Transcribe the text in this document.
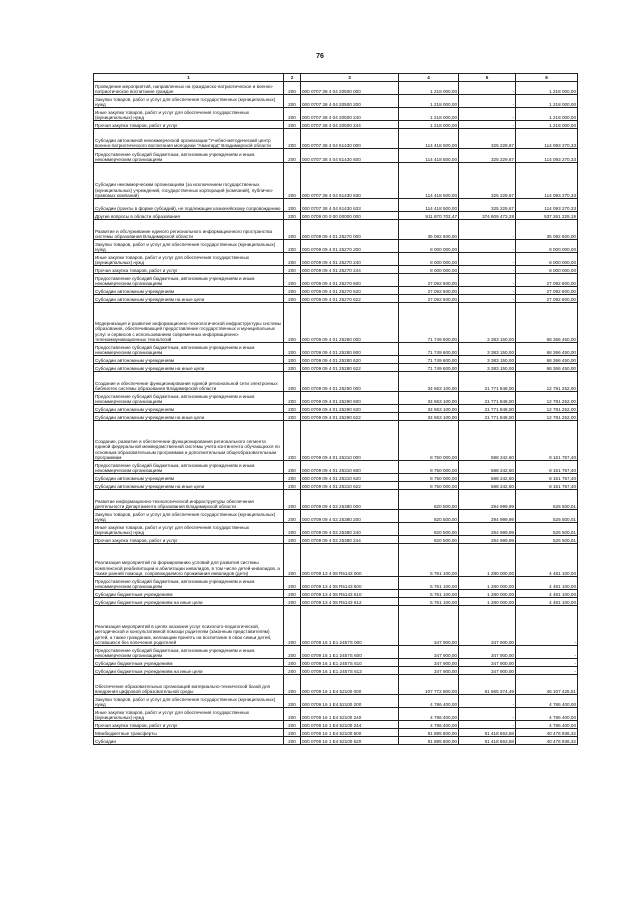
76
1	2	3	4	5	6
Проведение мероприятий, направленных на гражданско-патриотическое и военно-патриотическое воспитание граждан	200	000 0707 38 4 04 20500 000	1 218 000,00	-	1 218 000,00
Закупка товаров, работ и услуг для обеспечения государственных (муниципальных) нужд	200	000 0707 38 4 04 20500 200	1 218 000,00	-	1 218 000,00
Иные закупки товаров, работ и услуг для обеспечения государственных (муниципальных) нужд	200	000 0707 38 4 04 20500 240	1 218 000,00	-	1 218 000,00
Прочая закупка товаров, работ и услуг	200	000 0707 38 4 04 20500 244	1 218 000,00	-	1 218 000,00
Субсидии автономной некоммерческой организации "Учебно-методический центр военно-патриотического воспитания молодежи "Авангард" Владимирской области	200	000 0707 38 4 04 61430 000	114 418 500,00	325 229,67	114 093 270,33
Предоставление субсидий бюджетным, автономным учреждениям и иным некоммерческим организациям	200	000 0707 38 4 04 61430 600	114 418 500,00	325 229,67	114 093 270,33
Субсидии некоммерческим организациям (за исключением государственных (муниципальных) учреждений, государственных корпораций (компаний), публично-правовых компаний)	200	000 0707 38 4 04 61430 630	114 418 500,00	325 229,67	114 093 270,33
Субсидии (гранты в форме субсидий), не подлежащие казначейскому сопровождению	200	000 0707 38 4 04 61430 633	114 418 500,00	325 229,67	114 093 270,33
Другие вопросы в области образования	200	000 0709 00 0 00 00000 000	911 870 702,47	374 609 473,28	537 261 229,19
Развитие и обслуживание единого регионального информационного пространства системы образования Владимирской области	200	000 0709 09 4 01 25270 000	35 092 600,00	-	35 092 600,00
Закупка товаров, работ и услуг для обеспечения государственных (муниципальных) нужд	200	000 0709 09 4 01 25270 200	8 000 000,00	-	8 000 000,00
Иные закупки товаров, работ и услуг для обеспечения государственных (муниципальных) нужд	200	000 0709 09 4 01 25270 240	8 000 000,00	-	8 000 000,00
Прочая закупка товаров, работ и услуг	200	000 0709 09 4 01 25270 244	8 000 000,00	-	8 000 000,00
Предоставление субсидий бюджетным, автономным учреждениям и иным некоммерческим организациям	200	000 0709 09 4 01 25270 600	27 092 600,00	-	27 092 600,00
Субсидии автономным учреждениям	200	000 0709 09 4 01 25270 620	27 092 600,00	-	27 092 600,00
Субсидии автономным учреждениям на иные цели	200	000 0709 09 4 01 25270 622	27 092 600,00	-	27 092 600,00
Модернизация и развитие информационно-технологической инфраструктуры системы образования, обеспечивающей предоставление государственных и муниципальных услуг и сервисов с использованием современных информационно-телекоммуникационных технологий	200	000 0709 09 4 01 25280 000	71 749 600,00	3 383 150,00	68 366 450,00
Предоставление субсидий бюджетным, автономным учреждениям и иным некоммерческим организациям	200	000 0709 09 4 01 25280 600	71 749 600,00	3 383 150,00	68 366 450,00
Субсидии автономным учреждениям	200	000 0709 09 4 01 25280 620	71 749 600,00	3 383 150,00	68 366 450,00
Субсидии автономным учреждениям на иные цели	200	000 0709 09 4 01 25280 622	71 749 600,00	3 383 150,00	68 366 450,00
Создание и обеспечение функционирования единой региональной сети электронных библиотек системы образования Владимирской области	200	000 0709 09 4 01 25290 000	34 563 100,00	21 771 848,00	12 791 252,00
Предоставление субсидий бюджетным, автономным учреждениям и иным некоммерческим организациям	200	000 0709 09 4 01 25290 600	34 563 100,00	21 771 848,00	12 791 252,00
Субсидии автономным учреждениям	200	000 0709 09 4 01 25290 620	34 563 100,00	21 771 848,00	12 791 252,00
Субсидии автономным учреждениям на иные цели	200	000 0709 09 4 01 25290 622	34 563 100,00	21 771 848,00	12 791 252,00
Создание, развитие и обеспечение функционирования регионального сегмента единой федеральной межведомственной системы учета контингента обучающихся по основным образовательным программам и дополнительным общеобразовательным программам	200	000 0709 09 4 01 25310 000	8 750 000,00	588 242,60	8 161 757,40
Предоставление субсидий бюджетным, автономным учреждениям и иным некоммерческим организациям	200	000 0709 09 4 01 25310 600	8 750 000,00	588 242,60	8 161 757,40
Субсидии автономным учреждениям	200	000 0709 09 4 01 25310 620	8 750 000,00	588 242,60	8 161 757,40
Субсидии автономным учреждениям на иные цели	200	000 0709 09 4 01 25310 622	8 750 000,00	588 242,60	8 161 757,40
Развитие информационно-технологической инфраструктуры обеспечения деятельности Департамента образования Владимирской области	200	000 0709 09 4 02 25380 000	820 500,00	294 999,99	525 500,01
Закупка товаров, работ и услуг для обеспечения государственных (муниципальных) нужд	200	000 0709 09 4 02 25380 200	820 500,00	294 999,99	525 500,01
Иные закупки товаров, работ и услуг для обеспечения государственных (муниципальных) нужд	200	000 0709 09 4 02 25380 240	820 500,00	294 999,99	525 500,01
Прочая закупка товаров, работ и услуг	200	000 0709 09 4 02 25380 244	820 500,00	294 999,99	525 500,01
Реализация мероприятий по формированию условий для развития системы комплексной реабилитации и абилитации инвалидов, в том числе детей-инвалидов, а также ранней помощи, сопровождаемого проживания инвалидов (дети)	200	000 0709 13 4 08 R5143 000	5 761 100,00	1 280 000,00	4 481 100,00
Предоставление субсидий бюджетным, автономным учреждениям и иным некоммерческим организациям	200	000 0709 13 4 08 R5143 600	5 761 100,00	1 280 000,00	4 481 100,00
Субсидии бюджетным учреждениям	200	000 0709 13 4 08 R5143 610	5 761 100,00	1 280 000,00	4 481 100,00
Субсидии бюджетным учреждениям на иные цели	200	000 0709 13 4 08 R5143 612	5 761 100,00	1 280 000,00	4 481 100,00
Реализация мероприятий в целях оказания услуг психолого-педагогической, методической и консультативной помощи родителям (законным представителям) детей, а также гражданам, желающим принять на воспитание в свои семьи детей, оставшихся без попечения родителей	200	000 0709 16 1 E1 2457S 000	347 900,00	347 900,00	-
Предоставление субсидий бюджетным, автономным учреждениям и иным некоммерческим организациям	200	000 0709 16 1 E1 2457S 600	347 900,00	347 900,00	-
Субсидии бюджетным учреждениям	200	000 0709 16 1 E1 2457S 610	347 900,00	347 900,00	-
Субсидии бюджетным учреждениям на иные цели	200	000 0709 16 1 E1 2457S 612	347 900,00	347 900,00	-
Обеспечение образовательных организаций материально-технической базой для внедрения цифровой образовательной среды	200	000 0709 16 1 E4 52100 000	107 772 800,00	61 665 374,49	46 107 425,51
Закупка товаров, работ и услуг для обеспечения государственных (муниципальных) нужд	200	000 0709 16 1 E4 52100 200	4 786 400,00	-	4 786 400,00
Иные закупки товаров, работ и услуг для обеспечения государственных (муниципальных) нужд	200	000 0709 16 1 E4 52100 240	4 786 400,00	-	4 786 400,00
Прочая закупка товаров, работ и услуг	200	000 0709 16 1 E4 52100 244	4 786 400,00	-	4 786 400,00
Межбюджетные трансферты	200	000 0709 16 1 E4 52100 500	91 895 800,00	51 418 663,68	40 476 936,32
Субсидии	200	000 0709 16 1 E4 52100 520	91 895 800,00	51 418 663,68	40 476 936,32
